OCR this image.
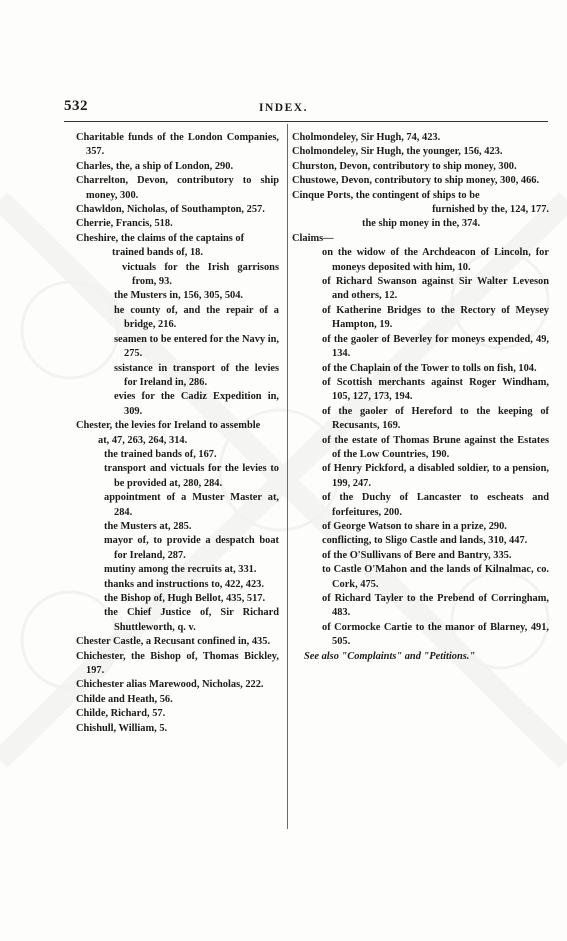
532	INDEX.
Charitable funds of the London Companies, 357.
Charles, the, a ship of London, 290.
Charrelton, Devon, contributory to ship money, 300.
Chawldon, Nicholas, of Southampton, 257.
Cherrie, Francis, 518.
Cheshire, the claims of the captains of
trained bands of, 18.
victuals for the Irish garrisons from, 93.
the Musters in, 156, 305, 504.
he county of, and the repair of a bridge, 216.
seamen to be entered for the Navy in, 275.
ssistance in transport of the levies for Ireland in, 286.
evies for the Cadiz Expedition in, 309.
Chester, the levies for Ireland to assemble
at, 47, 263, 264, 314.
the trained bands of, 167.
transport and victuals for the levies to be provided at, 280, 284.
appointment of a Muster Master at, 284.
the Musters at, 285.
mayor of, to provide a despatch boat for Ireland, 287.
mutiny among the recruits at, 331.
thanks and instructions to, 422, 423.
the Bishop of, Hugh Bellot, 435, 517.
the Chief Justice of, Sir Richard Shuttleworth, q. v.
Chester Castle, a Recusant confined in, 435.
Chichester, the Bishop of, Thomas Bickley, 197.
Chichester alias Marewood, Nicholas, 222.
Childe and Heath, 56.
Childe, Richard, 57.
Chishull, William, 5.
Cholmondeley, Sir Hugh, 74, 423.
Cholmondeley, Sir Hugh, the younger, 156, 423.
Churston, Devon, contributory to ship money, 300.
Chustowe, Devon, contributory to ship money, 300, 466.
Cinque Ports, the contingent of ships to be
furnished by the, 124, 177.
the ship money in the, 374.
Claims—
on the widow of the Archdeacon of Lincoln, for moneys deposited with him, 10.
of Richard Swanson against Sir Walter Leveson and others, 12.
of Katherine Bridges to the Rectory of Meysey Hampton, 19.
of the gaoler of Beverley for moneys expended, 49, 134.
of the Chaplain of the Tower to tolls on fish, 104.
of Scottish merchants against Roger Windham, 105, 127, 173, 194.
of the gaoler of Hereford to the keeping of Recusants, 169.
of the estate of Thomas Brune against the Estates of the Low Countries, 190.
of Henry Pickford, a disabled soldier, to a pension, 199, 247.
of the Duchy of Lancaster to escheats and forfeitures, 200.
of George Watson to share in a prize, 290.
conflicting, to Sligo Castle and lands, 310, 447.
of the O'Sullivans of Bere and Bantry, 335.
to Castle O'Mahon and the lands of Kilnalmac, co. Cork, 475.
of Richard Tayler to the Prebend of Corringham, 483.
of Cormocke Cartie to the manor of Blarney, 491, 505.
See also "Complaints" and "Petitions."
